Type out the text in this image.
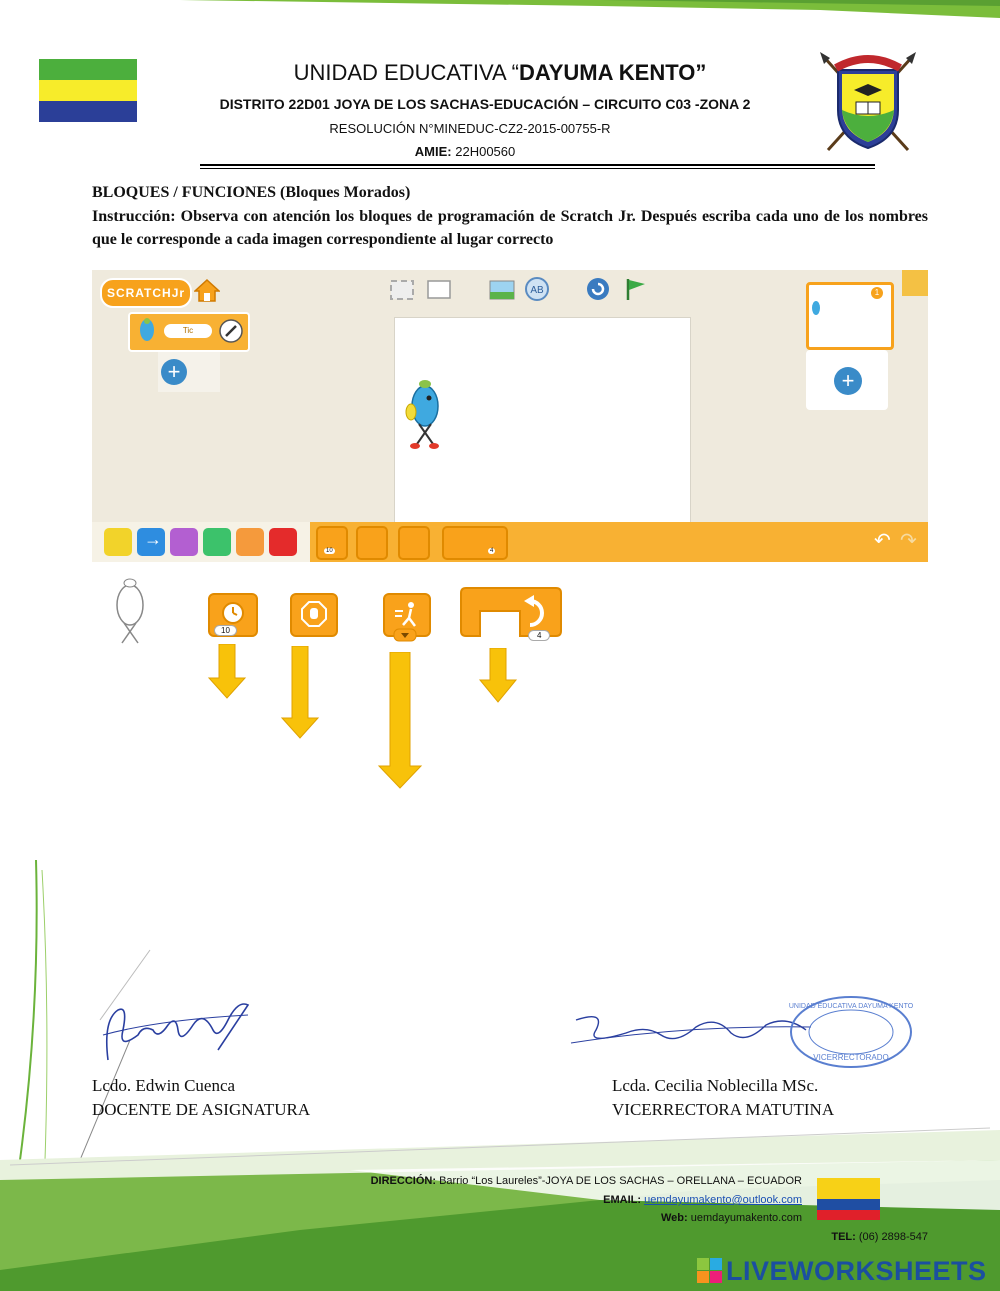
UNIDAD EDUCATIVA “DAYUMA KENTO”
DISTRITO 22D01 JOYA DE LOS SACHAS-EDUCACIÓN – CIRCUITO C03 -ZONA 2
RESOLUCIÓN N°MINEDUC-CZ2-2015-00755-R
AMIE: 22H00560
BLOQUES / FUNCIONES (Bloques Morados)
Instrucción: Observa con atención los bloques de programación de Scratch Jr. Después escriba cada uno de los nombres que le corresponde a cada imagen correspondiente al lugar correcto
SCRATCHJr	AB
Tic
+
1
+
→
10	4	↶ ↷
10
4
Lcdo. Edwin Cuenca
DOCENTE DE ASIGNATURA
UNIDAD EDUCATIVA DAYUMA KENTO
VICERRECTORADO
Lcda. Cecilia Noblecilla MSc.
VICERRECTORA MATUTINA
DIRECCIÓN: Barrio “Los Laureles”-JOYA DE LOS SACHAS – ORELLANA – ECUADOR
EMAIL: uemdayumakento@outlook.com
Web: uemdayumakento.com
TEL: (06) 2898-547
LIVEWORKSHEETS
